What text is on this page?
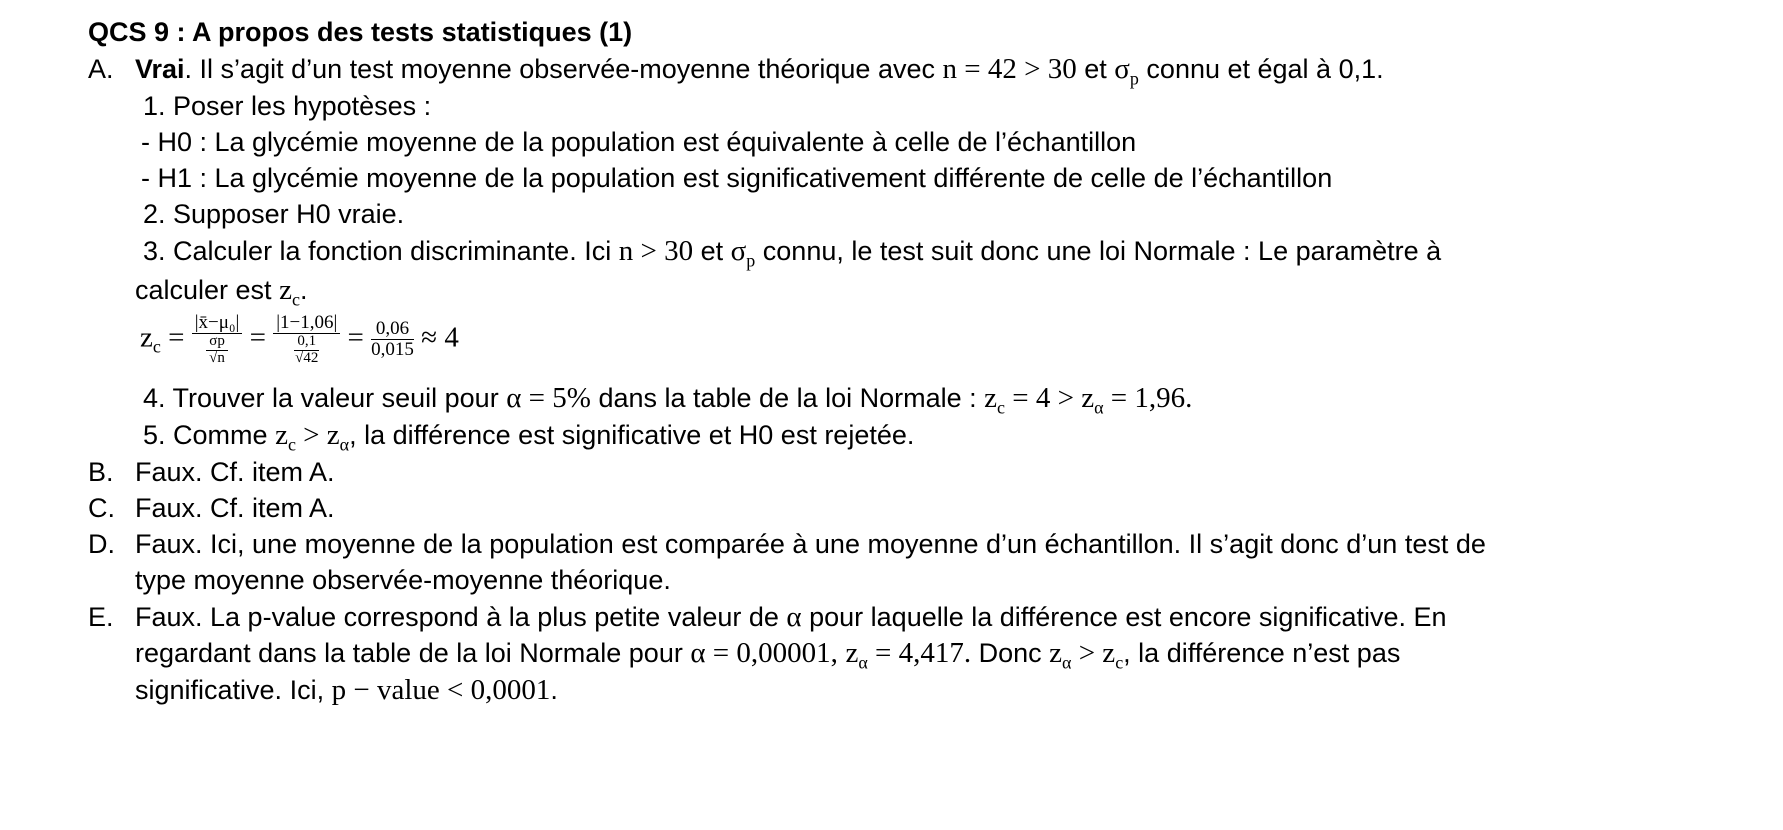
QCS 9 : A propos des tests statistiques (1)
A. Vrai. Il s’agit d’un test moyenne observée-moyenne théorique avec n = 42 > 30 et $\sigma_p$ connu et égal à 0,1.
1. Poser les hypotèses :
- H0 : La glycémie moyenne de la population est équivalente à celle de l’échantillon
- H1 : La glycémie moyenne de la population est significativement différente de celle de l’échantillon
2. Supposer H0 vraie.
3. Calculer la fonction discriminante. Ici n > 30 et $\sigma_p$ connu, le test suit donc une loi Normale : Le paramètre à
calculer est $z_c$.
$z_c = \frac{\text{|x̄−μ₀|}}{\frac{\sigma p}{√n}} = \frac{|1-1,06|}{\frac{0,1}{√42}} = \frac{0,06}{0,015} \approx 4$
4. Trouver la valeur seuil pour α = 5% dans la table de la loi Normale : $z_c = 4 > z_\alpha = 1,96$.
5. Comme $z_c > z_\alpha$, la différence est significative et H0 est rejetée.
B. Faux. Cf. item A.
C. Faux. Cf. item A.
D. Faux. Ici, une moyenne de la population est comparée à une moyenne d’un échantillon. Il s’agit donc d’un test de
type moyenne observée-moyenne théorique.
E. Faux. La p-value correspond à la plus petite valeur de α pour laquelle la différence est encore significative. En
regardant dans la table de la loi Normale pour α = 0,00001, $z_\alpha = 4,417$. Donc $z_\alpha > z_c$, la différence n’est pas
significative. Ici, p − value < 0,0001.
